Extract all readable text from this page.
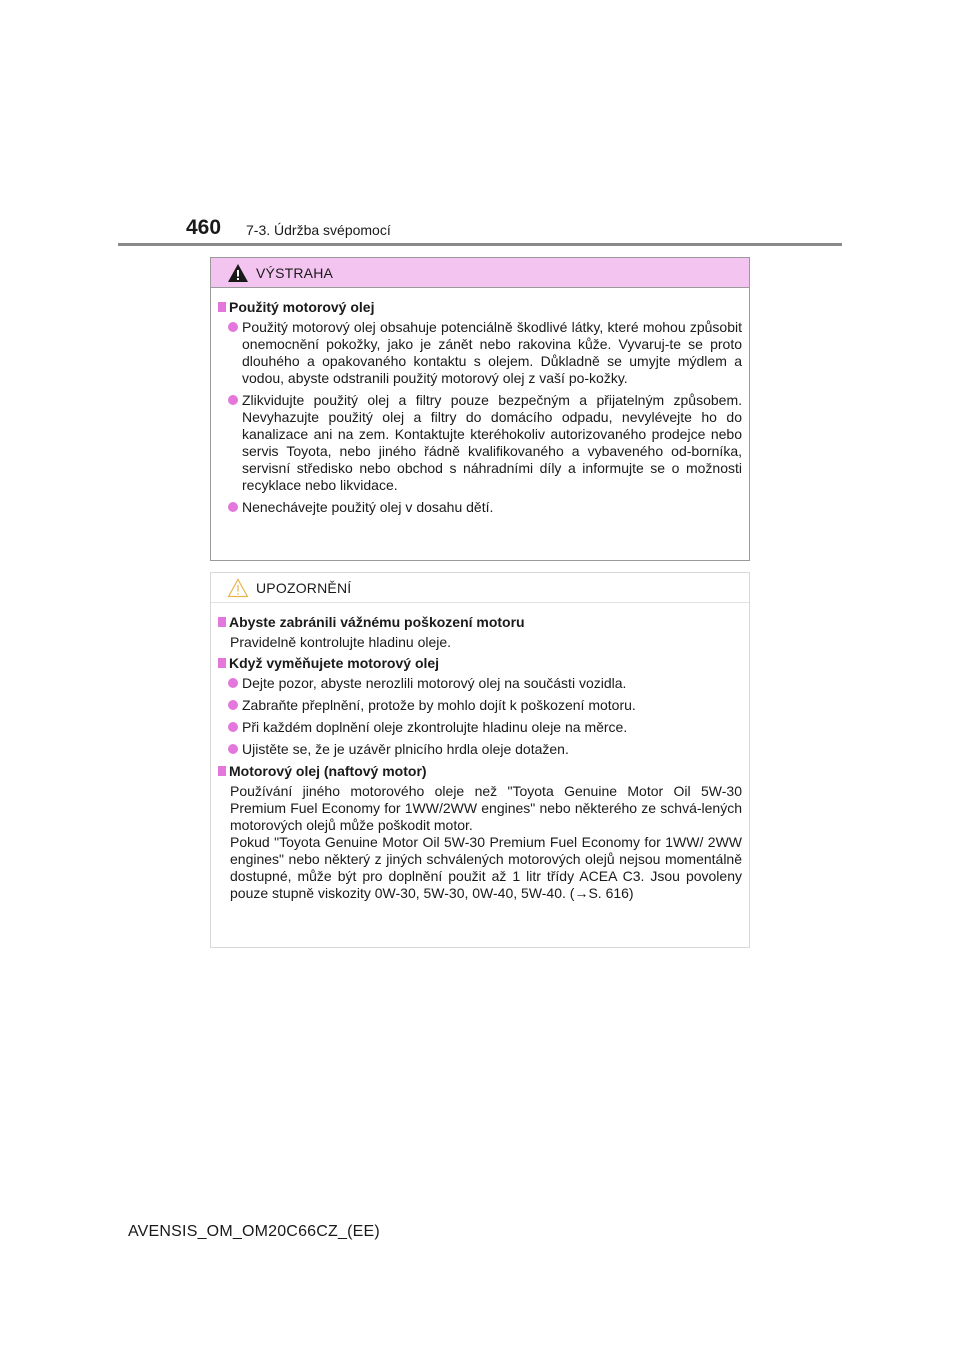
460 7-3. Údržba svépomocí
VÝSTRAHA
Použitý motorový olej
Použitý motorový olej obsahuje potenciálně škodlivé látky, které mohou způsobit onemocnění pokožky, jako je zánět nebo rakovina kůže. Vyvaruj-te se proto dlouhého a opakovaného kontaktu s olejem. Důkladně se umyjte mýdlem a vodou, abyste odstranili použitý motorový olej z vaší po-kožky.
Zlikvidujte použitý olej a filtry pouze bezpečným a přijatelným způsobem. Nevyhazujte použitý olej a filtry do domácího odpadu, nevylévejte ho do kanalizace ani na zem. Kontaktujte kteréhokoliv autorizovaného prodejce nebo servis Toyota, nebo jiného řádně kvalifikovaného a vybaveného od-borníka, servisní středisko nebo obchod s náhradními díly a informujte se o možnosti recyklace nebo likvidace.
Nenechávejte použitý olej v dosahu dětí.
UPOZORNĚNÍ
Abyste zabránili vážnému poškození motoru
Pravidelně kontrolujte hladinu oleje.
Když vyměňujete motorový olej
Dejte pozor, abyste nerozlili motorový olej na součásti vozidla.
Zabraňte přeplnění, protože by mohlo dojít k poškození motoru.
Při každém doplnění oleje zkontrolujte hladinu oleje na měrce.
Ujistěte se, že je uzávěr plnicího hrdla oleje dotažen.
Motorový olej (naftový motor)
Používání jiného motorového oleje než "Toyota Genuine Motor Oil 5W-30 Premium Fuel Economy for 1WW/2WW engines" nebo některého ze schvá-lených motorových olejů může poškodit motor.
Pokud "Toyota Genuine Motor Oil 5W-30 Premium Fuel Economy for 1WW/ 2WW engines" nebo některý z jiných schválených motorových olejů nejsou momentálně dostupné, může být pro doplnění použit až 1 litr třídy ACEA C3. Jsou povoleny pouze stupně viskozity 0W-30, 5W-30, 0W-40, 5W-40. (→S. 616)
AVENSIS_OM_OM20C66CZ_(EE)
